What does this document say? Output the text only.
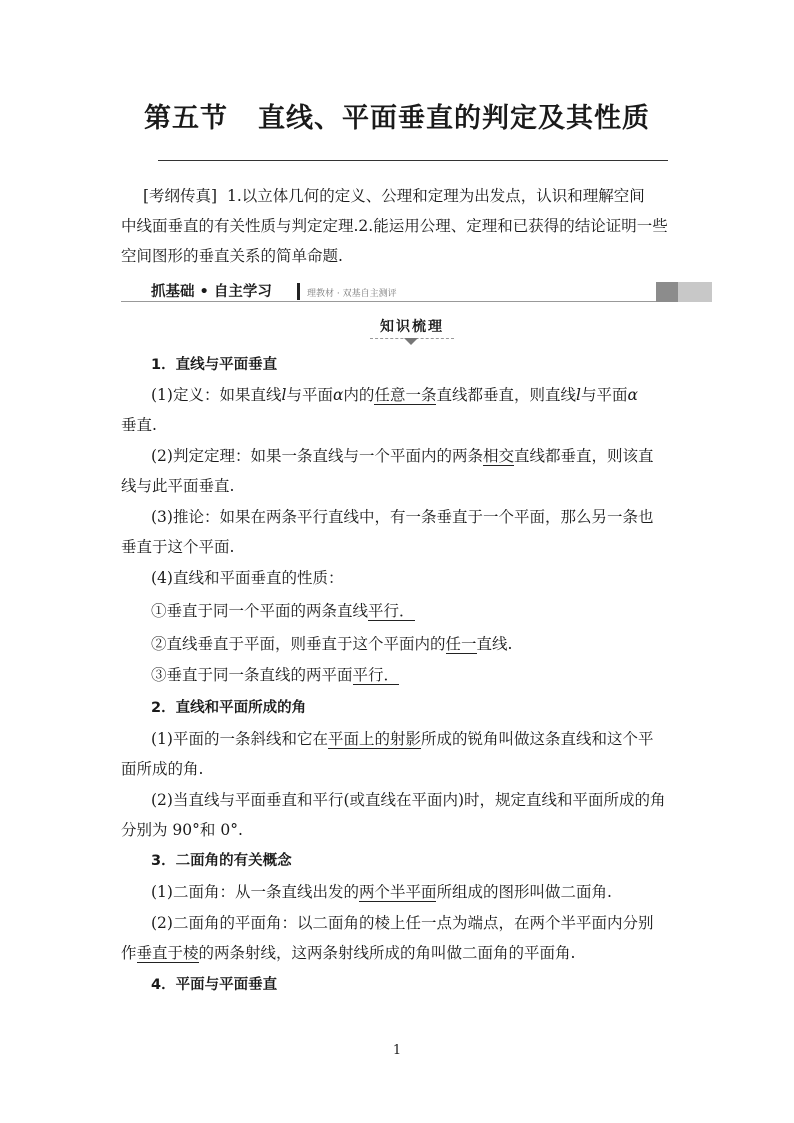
第五节 直线、平面垂直的判定及其性质
[考纲传真] 1.以立体几何的定义、公理和定理为出发点，认识和理解空间
中线面垂直的有关性质与判定定理.2.能运用公理、定理和已获得的结论证明一些
空间图形的垂直关系的简单命题.
抓基础 • 自主学习	理教材 · 双基自主测评
知识梳理
1．直线与平面垂直
(1)定义：如果直线l与平面α内的任意一条直线都垂直，则直线l与平面α
垂直.
(2)判定定理：如果一条直线与一个平面内的两条相交直线都垂直，则该直
线与此平面垂直.
(3)推论：如果在两条平行直线中，有一条垂直于一个平面，那么另一条也
垂直于这个平面.
(4)直线和平面垂直的性质：
①垂直于同一个平面的两条直线平行．
②直线垂直于平面，则垂直于这个平面内的任一直线.
③垂直于同一条直线的两平面平行．
2．直线和平面所成的角
(1)平面的一条斜线和它在平面上的射影所成的锐角叫做这条直线和这个平
面所成的角.
(2)当直线与平面垂直和平行(或直线在平面内)时，规定直线和平面所成的角
分别为 90°和 0°.
3．二面角的有关概念
(1)二面角：从一条直线出发的两个半平面所组成的图形叫做二面角.
(2)二面角的平面角：以二面角的棱上任一点为端点，在两个半平面内分别
作垂直于棱的两条射线，这两条射线所成的角叫做二面角的平面角.
4．平面与平面垂直
1
